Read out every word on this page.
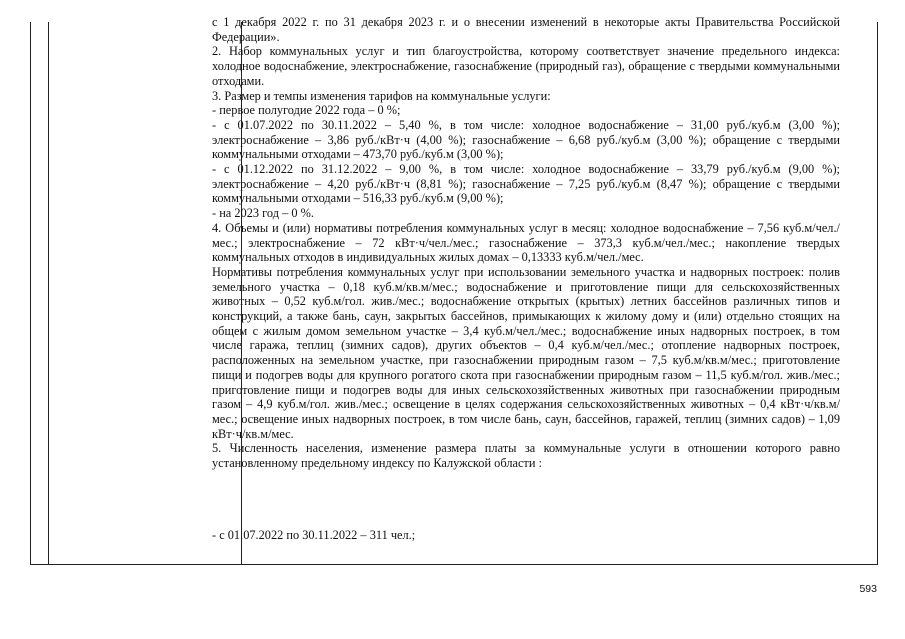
с 1 декабря 2022 г. по 31 декабря 2023 г. и о внесении изменений в некоторые акты Правительства Российской Федерации».

2. Набор коммунальных услуг и тип благоустройства, которому соответствует значение предельного индекса: холодное водоснабжение, электроснабжение, газоснабжение (природный газ), обращение с твердыми коммунальными отходами.

3. Размер и темпы изменения тарифов на коммунальные услуги:

- первое полугодие 2022 года – 0 %;

- с 01.07.2022 по 30.11.2022 – 5,40 %, в том числе: холодное водоснабжение – 31,00 руб./куб.м (3,00 %); электроснабжение – 3,86 руб./кВт·ч (4,00 %); газоснабжение – 6,68 руб./куб.м (3,00 %); обращение с твердыми коммунальными отходами – 473,70 руб./куб.м (3,00 %);

- с 01.12.2022 по 31.12.2022 – 9,00 %, в том числе: холодное водоснабжение – 33,79 руб./куб.м (9,00 %); электроснабжение – 4,20 руб./кВт·ч (8,81 %); газоснабжение – 7,25 руб./куб.м (8,47 %); обращение с твердыми коммунальными отходами – 516,33 руб./куб.м (9,00 %);

- на 2023 год – 0 %.

4. Объемы и (или) нормативы потребления коммунальных услуг в месяц: холодное водоснабжение – 7,56 куб.м/чел./мес.; электроснабжение – 72 кВт·ч/чел./мес.; газоснабжение – 373,3 куб.м/чел./мес.; накопление твердых коммунальных отходов в индивидуальных жилых домах – 0,13333 куб.м/чел./мес.

Нормативы потребления коммунальных услуг при использовании земельного участка и надворных построек: полив земельного участка – 0,18 куб.м/кв.м/мес.; водоснабжение и приготовление пищи для сельскохозяйственных животных – 0,52 куб.м/гол. жив./мес.; водоснабжение открытых (крытых) летних бассейнов различных типов и конструкций, а также бань, саун, закрытых бассейнов, примыкающих к жилому дому и (или) отдельно стоящих на общем с жилым домом земельном участке – 3,4 куб.м/чел./мес.; водоснабжение иных надворных построек, в том числе гаража, теплиц (зимних садов), других объектов – 0,4 куб.м/чел./мес.; отопление надворных построек, расположенных на земельном участке, при газоснабжении природным газом – 7,5 куб.м/кв.м/мес.; приготовление пищи и подогрев воды для крупного рогатого скота при газоснабжении природным газом – 11,5 куб.м/гол. жив./мес.; приготовление пищи и подогрев воды для иных сельскохозяйственных животных при газоснабжении природным газом – 4,9 куб.м/гол. жив./мес.; освещение в целях содержания сельскохозяйственных животных – 0,4 кВт·ч/кв.м/мес.; освещение иных надворных построек, в том числе бань, саун, бассейнов, гаражей, теплиц (зимних садов) – 1,09 кВт·ч/кв.м/мес.

5. Численность населения, изменение размера платы за коммунальные услуги в отношении которого равно установленному предельному индексу по Калужской области :

- с 01.07.2022 по 30.11.2022 – 311 чел.;
593
